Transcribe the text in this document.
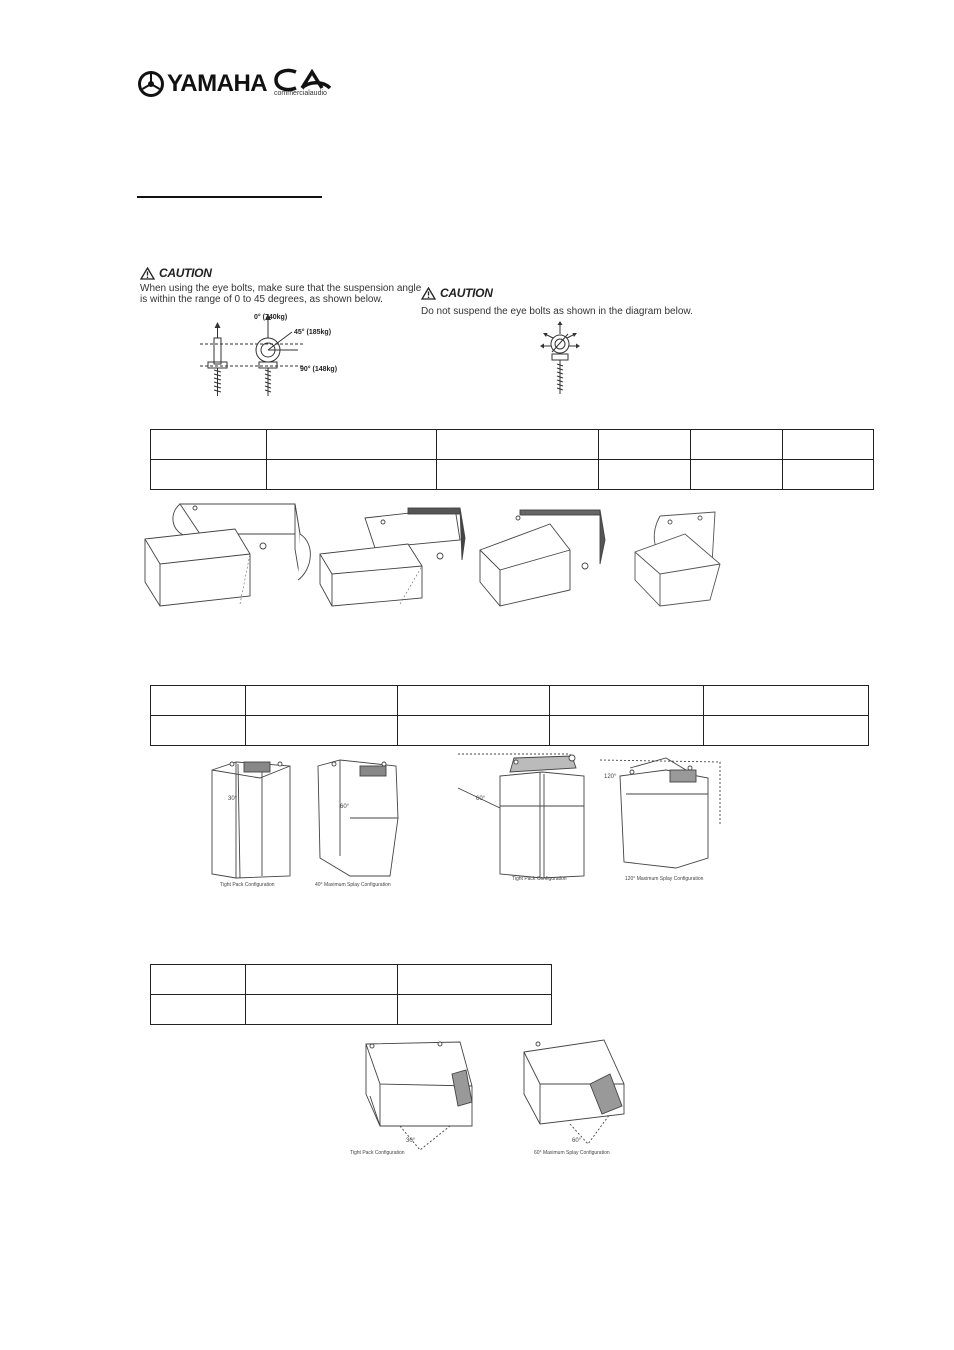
YAMAHA commercialaudio
CAUTION
When using the eye bolts, make sure that the suspension angle
is within the range of 0 to 45 degrees, as shown below.
0° (740kg)
45° (185kg)
90° (148kg)
CAUTION
Do not suspend the eye bolts as shown in the diagram below.

Tight Pack Configuration
30°
40° Maximum Splay Configuration
60°
Tight Pack Configuration
60°
120° Maximum Splay Configuration
120°

Tight Pack Configuration
30°
60° Maximum Splay Configuration
60°
